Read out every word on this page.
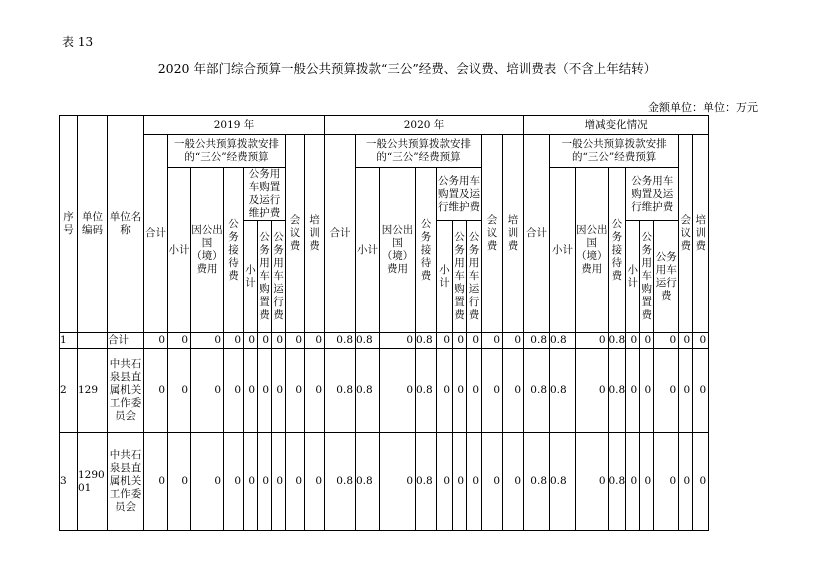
表 13
2020 年部门综合预算一般公共预算拨款“三公”经费、会议费、培训费表（不含上年结转）
金额单位：单位：万元
序号	单位编码	单位名称	2019 年									2020 年									增减变化情况								
			合计	一般公共预算拨款安排的“三公”经费预算						会议费	培训费	合计	一般公共预算拨款安排的“三公”经费预算						会议费	培训费	合计	一般公共预算拨款安排的“三公”经费预算						会议费	培训费
				小计	因公出国（境）费用	公务接待费	公务用车购置及运行维护费						小计	因公出国（境）费用	公务接待费	公务用车购置及运行维护费						小计	因公出国（境）费用	公务接待费	公务用车购置及运行维护费				
							小计	公务用车购置费	公务用车运行费							小计	公务用车购置费	公务用车运行费							小计	公务用车购置费	公务用车运行费		

1		合计	0	0	0	0	0	0	0	0	0	0.8	0.8	0	0.8	0	0	0	0	0	0.8	0.8	0	0.8	0	0	0	0	0
2	129	中共石泉县直属机关工作委员会	0	0	0	0	0	0	0	0	0	0.8	0.8	0	0.8	0	0	0	0	0	0.8	0.8	0	0.8	0	0	0	0	0
3	129001	中共石泉县直属机关工作委员会	0	0	0	0	0	0	0	0	0	0.8	0.8	0	0.8	0	0	0	0	0	0.8	0.8	0	0.8	0	0	0	0	0
